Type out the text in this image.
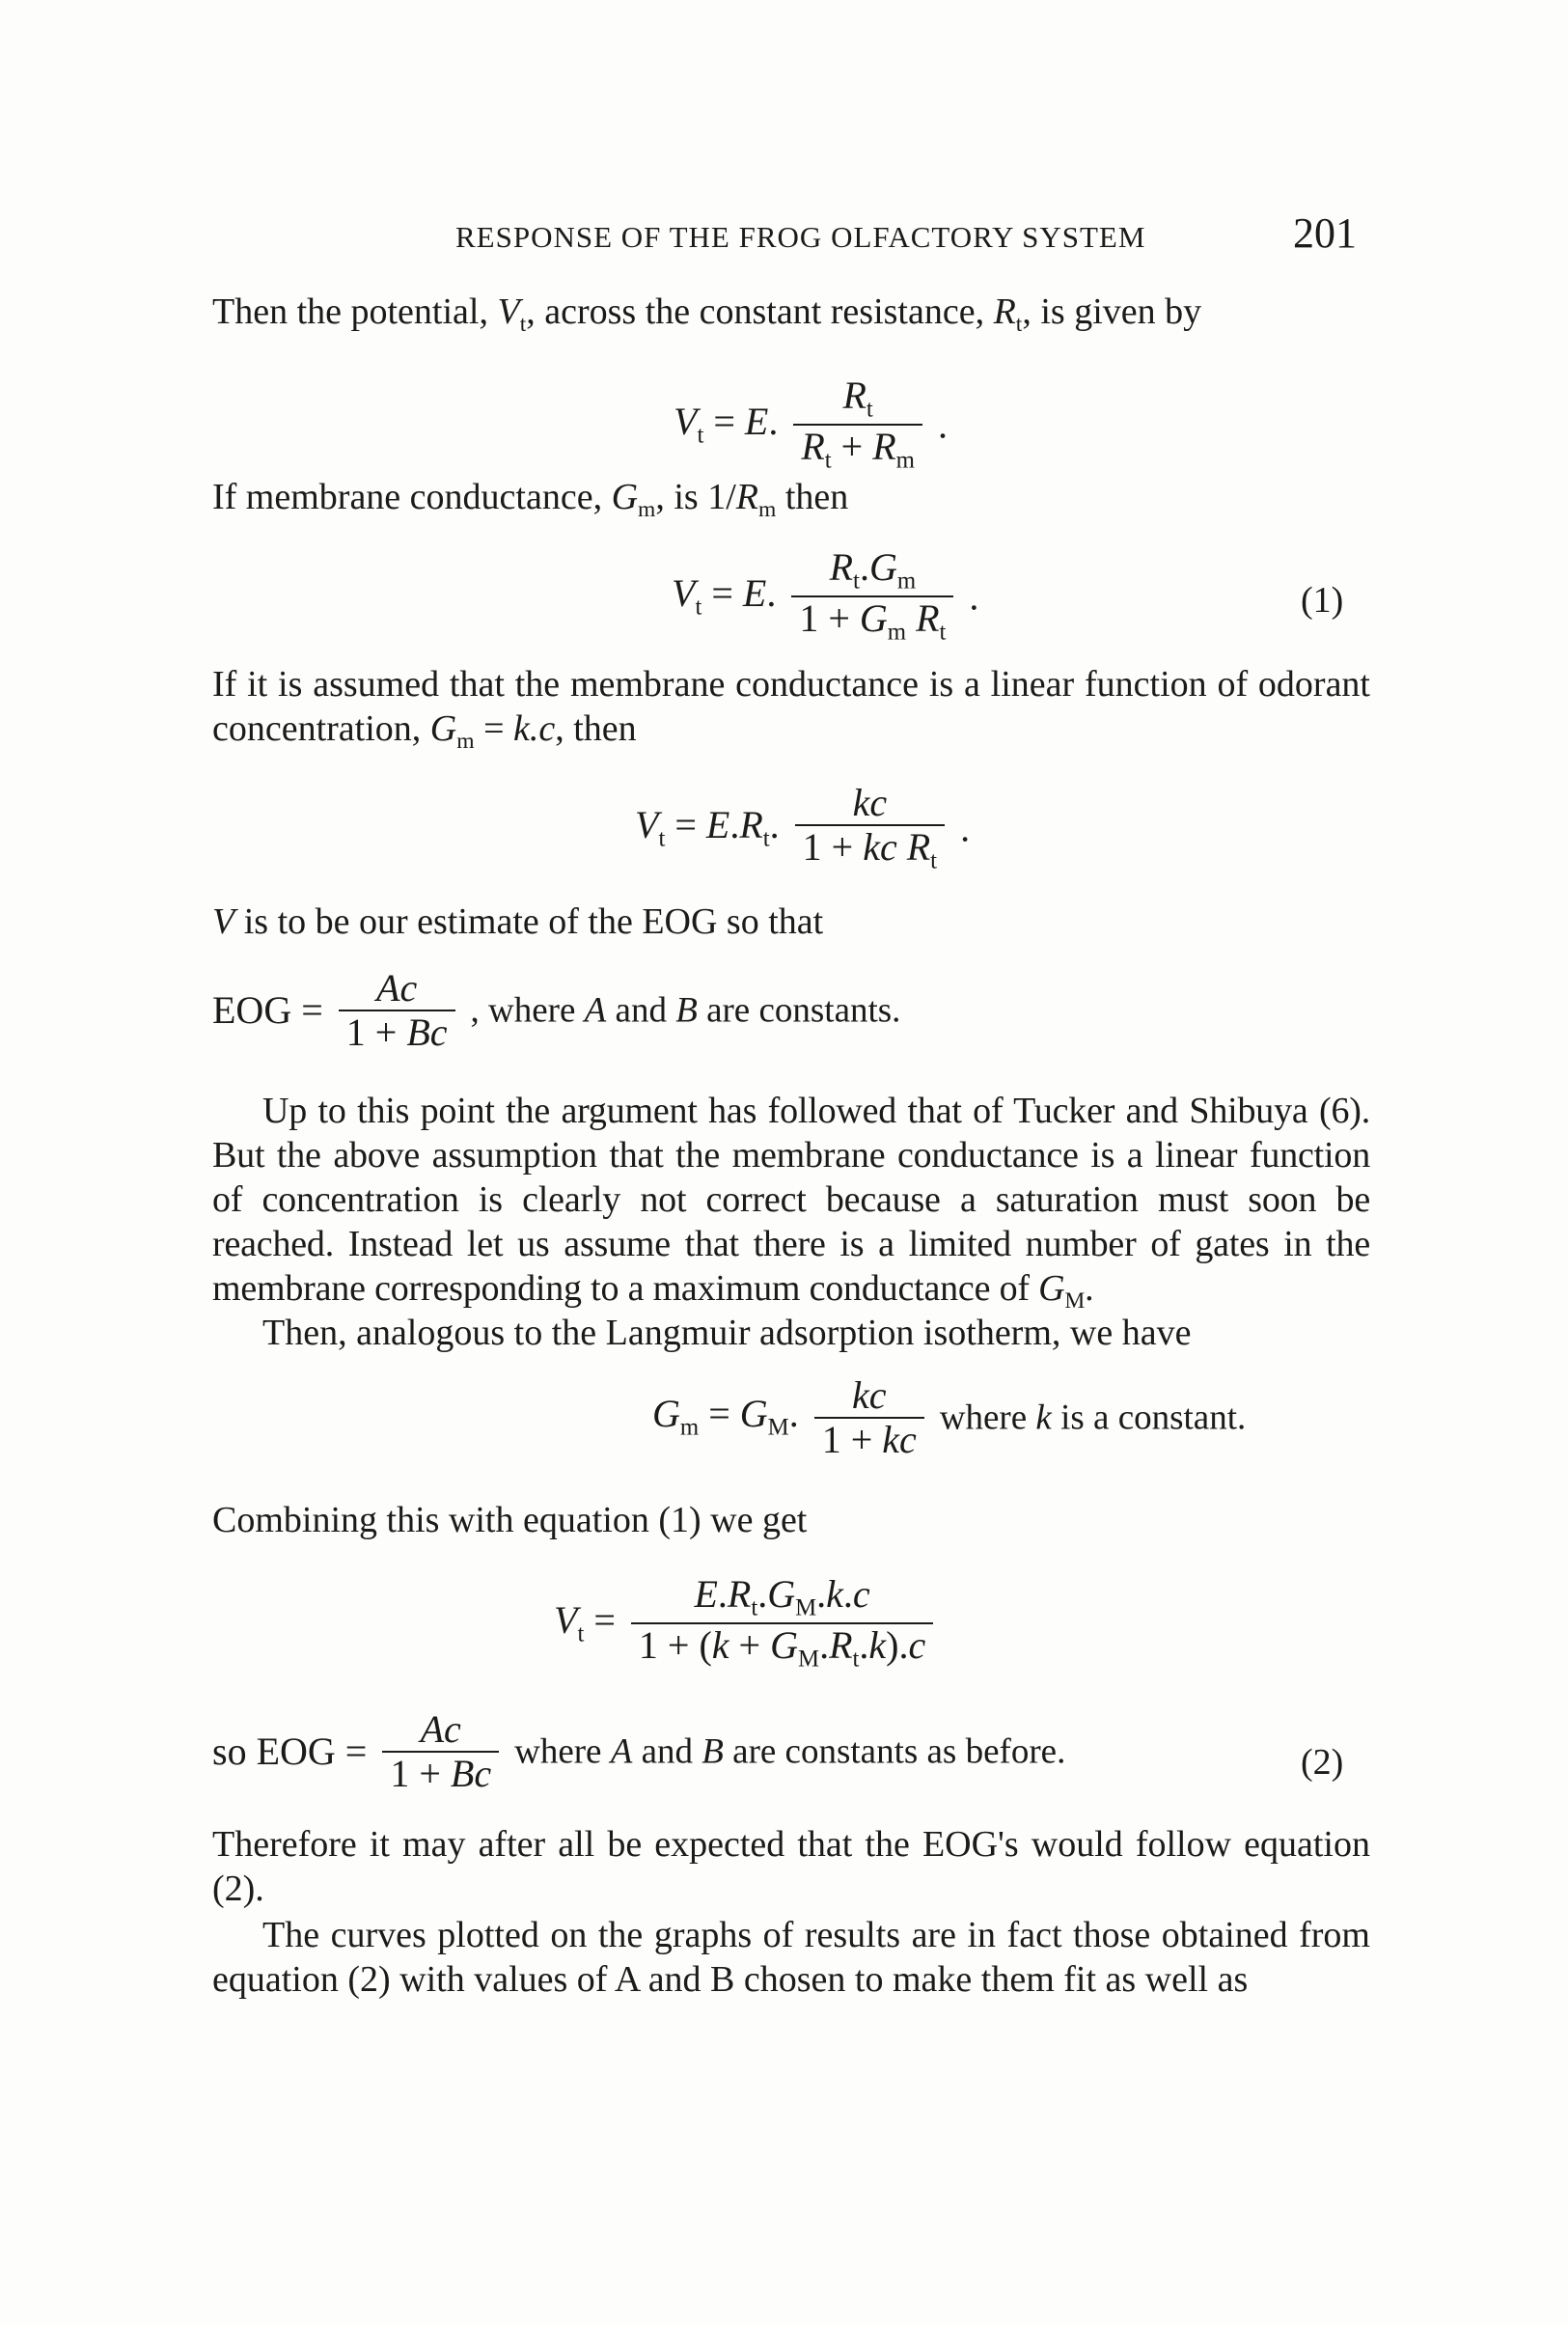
RESPONSE OF THE FROG OLFACTORY SYSTEM	201
Then the potential, $V_t$, across the constant resistance, $R_t$, is given by
$V_t = E$. $\frac{R_t}{R_t + R_m}$ .
If membrane conductance, $G_m$, is $1/R_m$ then
$V_t = E$. $\frac{R_t.G_m}{1 + G_m R_t}$ .	(1)
If it is assumed that the membrane conductance is a linear function of odorant concentration, $G_m = k.c$, then
$V_t = E.R_t$. $\frac{kc}{1 + kc R_t}$ .
V is to be our estimate of the EOG so that
EOG = $\frac{Ac}{1 + Bc}$ , where A and B are constants.
Up to this point the argument has followed that of Tucker and Shibuya (6). But the above assumption that the membrane conductance is a linear function of concentration is clearly not correct because a saturation must soon be reached. Instead let us assume that there is a limited number of gates in the membrane corresponding to a maximum conductance of $G_M$.
Then, analogous to the Langmuir adsorption isotherm, we have
$G_m = G_M$. $\frac{kc}{1 + kc}$ where k is a constant.
Combining this with equation (1) we get
$V_t = \frac{E.R_t.G_M.k.c}{1 + (k + G_M.R_t.k).c}$
so EOG = $\frac{Ac}{1 + Bc}$ where A and B are constants as before.	(2)
Therefore it may after all be expected that the EOG's would follow equation (2).
The curves plotted on the graphs of results are in fact those obtained from equation (2) with values of A and B chosen to make them fit as well as
